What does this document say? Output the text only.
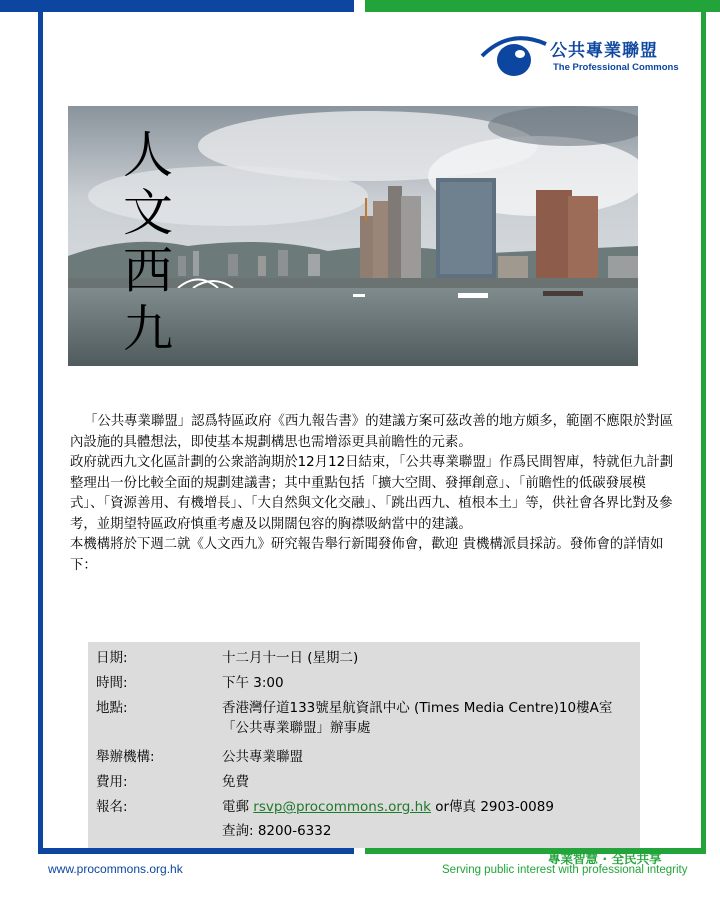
公共專業聯盟
The Professional Commons
人文西九

「公共專業聯盟」認爲特區政府《西九報告書》的建議方案可茲改善的地方頗多，範圍不應限於對區內設施的具體想法，即使基本規劃構思也需增添更具前瞻性的元素。

政府就西九文化區計劃的公衆諮詢期於12月12日結束，「公共專業聯盟」作爲民間智庫，特就佢九計劃整理出一份比較全面的規劃建議書；其中重點包括「擴大空間、發揮創意」、「前瞻性的低碳發展模式」、「資源善用、有機增長」、「大自然與文化交融」、「跳出西九、植根本土」等，供社會各界比對及參考，並期望特區政府慎重考慮及以開闊包容的胸襟吸納當中的建議。

本機構將於下週二就《人文西九》研究報告舉行新聞發佈會，歡迎 貴機構派員採訪。發佈會的詳情如下：

日期:	十二月十一日 (星期二)
時間:	下午 3:00
地點:	香港灣仔道133號星航資訊中心 (Times Media Centre)10樓A室「公共專業聯盟」辦事處
舉辦機構:	公共專業聯盟
費用:	免費
報名:	電郵 rsvp@procommons.org.hk or傳真 2903-0089
查詢: 8200-6332
www.procommons.org.hk
專業智慧 · 全民共享
Serving public interest with professional integrity
